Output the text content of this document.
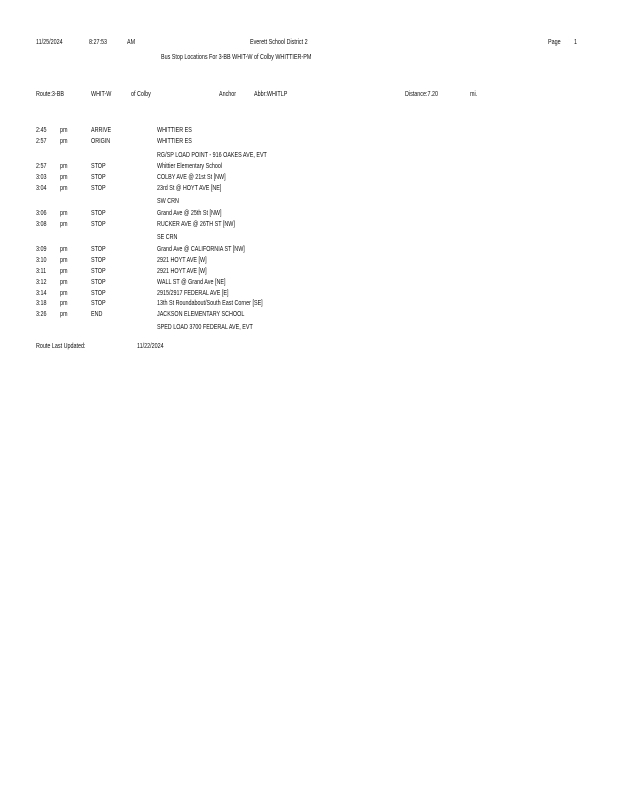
11/25/2024	8:27:53	AM	Everett School District 2	Page 1
Bus Stop Locations For 3-BB WHIT-W of Colby WHITTIER-PM
Route:3-BB	WHIT-W	of Colby	Anchor Abbr:WHITLP	Distance:7.20	mi.
2:45 pm	ARRIVE	WHITTIER ES
2:57 pm	ORIGIN	WHITTIER ES
RG/SP LOAD POINT - 916 OAKES AVE, EVT
2:57 pm	STOP	Whittier Elementary School
3:03 pm	STOP	COLBY AVE @ 21st St [NW]
3:04 pm	STOP	23rd St @ HOYT AVE [NE]
SW CRN
3:06 pm	STOP	Grand Ave @ 25th St [NW]
3:08 pm	STOP	RUCKER AVE @ 26TH ST [NW]
SE CRN
3:09 pm	STOP	Grand Ave @ CALIFORNIA ST [NW]
3:10 pm	STOP	2921 HOYT AVE [W]
3:11 pm	STOP	2921 HOYT AVE [W]
3:12 pm	STOP	WALL ST @ Grand Ave [NE]
3:14 pm	STOP	2915/2917 FEDERAL AVE [E]
3:18 pm	STOP	13th St Roundabout/South East Corner [SE]
3:26 pm	END	JACKSON ELEMENTARY SCHOOL
SPED LOAD 3700 FEDERAL AVE, EVT
Route Last Updated:	11/22/2024
